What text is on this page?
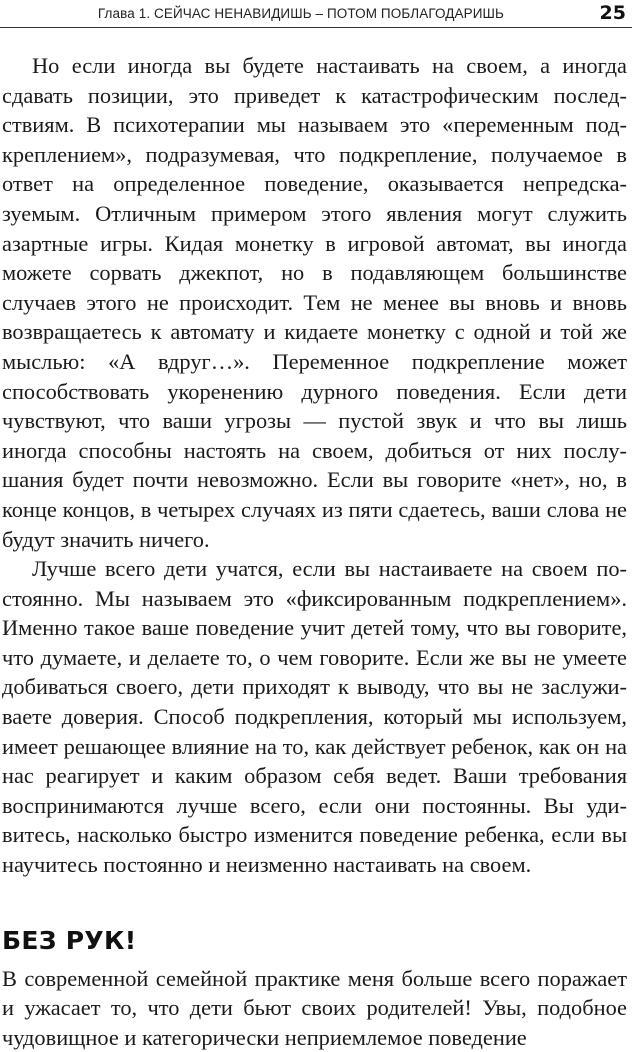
Глава 1. СЕЙЧАС НЕНАВИДИШЬ – ПОТОМ ПОБЛАГОДАРИШЬ	25

Но если иногда вы будете настаивать на своем, а иногда сдавать позиции, это приведет к катастрофическим последствиям. В психотерапии мы называем это «переменным подкреплением», подразумевая, что подкрепление, получаемое в ответ на определенное поведение, оказывается непредсказуемым. Отличным примером этого явления могут служить азартные игры. Кидая монетку в игровой автомат, вы иногда можете сорвать джекпот, но в подавляющем большинстве случаев этого не происходит. Тем не менее вы вновь и вновь возвращаетесь к автомату и кидаете монетку с одной и той же мыслью: «А вдруг…». Переменное подкрепление может способствовать укоренению дурного поведения. Если дети чувствуют, что ваши угрозы — пустой звук и что вы лишь иногда способны настоять на своем, добиться от них послушания будет почти невозможно. Если вы говорите «нет», но, в конце концов, в четырех случаях из пяти сдаетесь, ваши слова не будут значить ничего.

Лучше всего дети учатся, если вы настаиваете на своем постоянно. Мы называем это «фиксированным подкреплением». Именно такое ваше поведение учит детей тому, что вы говорите, что думаете, и делаете то, о чем говорите. Если же вы не умеете добиваться своего, дети приходят к выводу, что вы не заслуживаете доверия. Способ подкрепления, который мы используем, имеет решающее влияние на то, как действует ребенок, как он на нас реагирует и каким образом себя ведет. Ваши требования воспринимаются лучше всего, если они постоянны. Вы удивитесь, насколько быстро изменится поведение ребенка, если вы научитесь постоянно и неизменно настаивать на своем.

БЕЗ РУК!

В современной семейной практике меня больше всего поражает и ужасает то, что дети бьют своих родителей! Увы, подобное чудовищное и категорически неприемлемое поведение
